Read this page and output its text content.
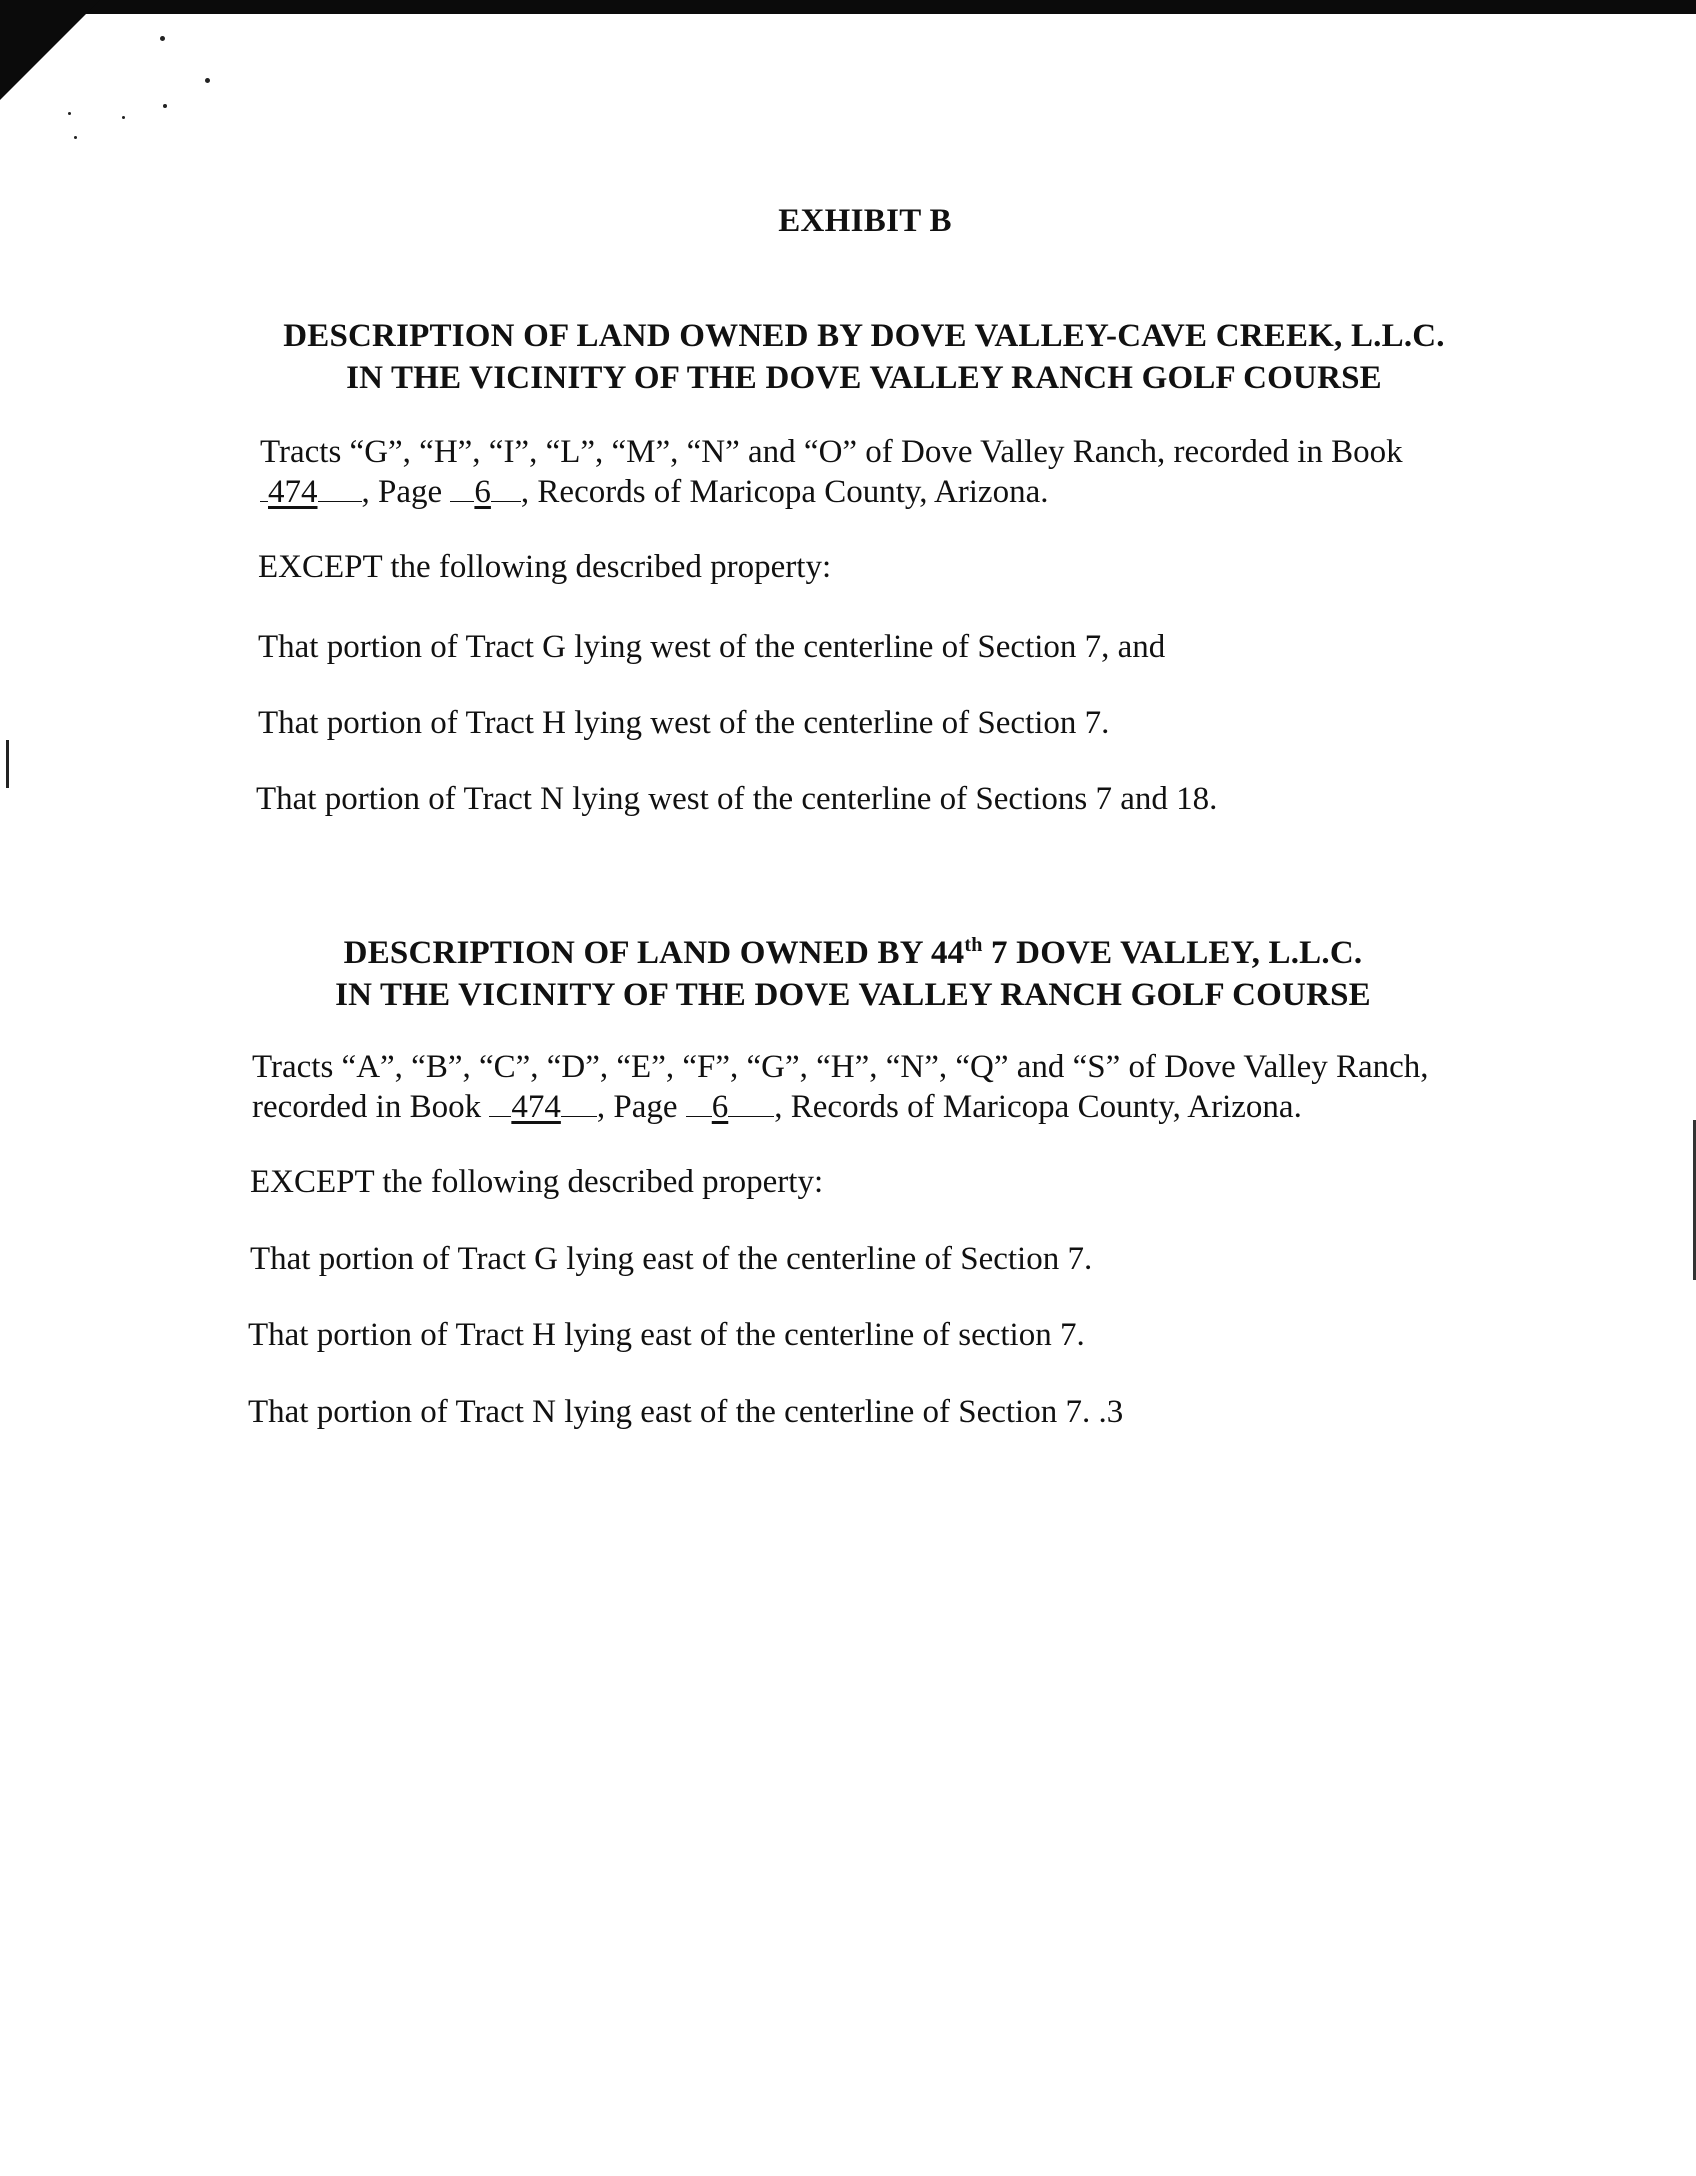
EXHIBIT B
DESCRIPTION OF LAND OWNED BY DOVE VALLEY-CAVE CREEK, L.L.C.
IN THE VICINITY OF THE DOVE VALLEY RANCH GOLF COURSE
Tracts “G”, “H”, “I”, “L”, “M”, “N” and “O” of Dove Valley Ranch, recorded in Book
474 , Page 6 , Records of Maricopa County, Arizona.
EXCEPT the following described property:
That portion of Tract G lying west of the centerline of Section 7, and
That portion of Tract H lying west of the centerline of Section 7.
That portion of Tract N lying west of the centerline of Sections 7 and 18.
DESCRIPTION OF LAND OWNED BY 44th 7 DOVE VALLEY, L.L.C.
IN THE VICINITY OF THE DOVE VALLEY RANCH GOLF COURSE
Tracts “A”, “B”, “C”, “D”, “E”, “F”, “G”, “H”, “N”, “Q” and “S” of Dove Valley Ranch,
recorded in Book 474 , Page 6 , Records of Maricopa County, Arizona.
EXCEPT the following described property:
That portion of Tract G lying east of the centerline of Section 7.
That portion of Tract H lying east of the centerline of section 7.
That portion of Tract N lying east of the centerline of Section 7. .3
